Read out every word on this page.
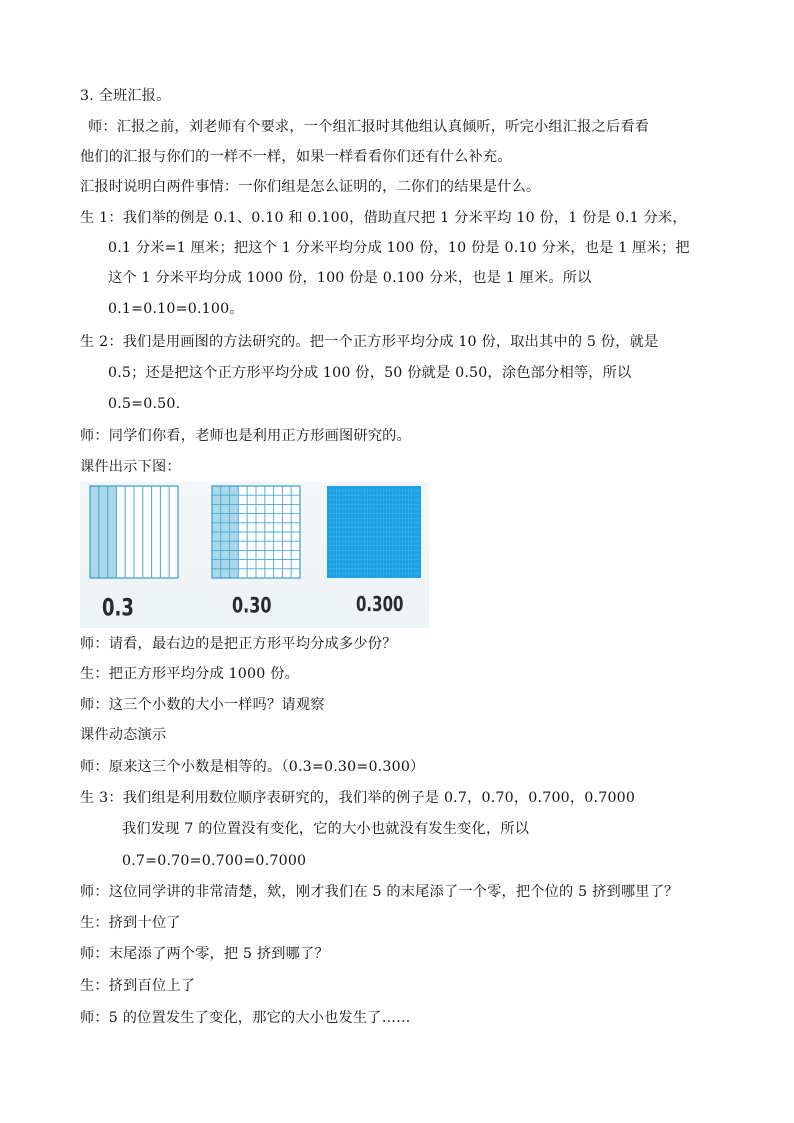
3. 全班汇报。
师：汇报之前，刘老师有个要求，一个组汇报时其他组认真倾听，听完小组汇报之后看看
他们的汇报与你们的一样不一样，如果一样看看你们还有什么补充。
汇报时说明白两件事情：一你们组是怎么证明的，二你们的结果是什么。
生 1：我们举的例是 0.1、0.10 和 0.100，借助直尺把 1 分米平均 10 份，1 份是 0.1 分米，
0.1 分米=1 厘米；把这个 1 分米平均分成 100 份，10 份是 0.10 分米，也是 1 厘米；把
这个 1 分米平均分成 1000 份，100 份是 0.100 分米，也是 1 厘米。所以
0.1=0.10=0.100。
生 2：我们是用画图的方法研究的。把一个正方形平均分成 10 份，取出其中的 5 份，就是
0.5；还是把这个正方形平均分成 100 份，50 份就是 0.50，涂色部分相等，所以
0.5=0.50.
师：同学们你看，老师也是利用正方形画图研究的。
课件出示下图：
0.3	0.30	0.300
师：请看，最右边的是把正方形平均分成多少份？
生：把正方形平均分成 1000 份。
师：这三个小数的大小一样吗？请观察
课件动态演示
师：原来这三个小数是相等的。（0.3=0.30=0.300）
生 3：我们组是利用数位顺序表研究的，我们举的例子是 0.7，0.70，0.700，0.7000
我们发现 7 的位置没有变化，它的大小也就没有发生变化，所以
0.7=0.70=0.700=0.7000
师：这位同学讲的非常清楚，欸，刚才我们在 5 的末尾添了一个零，把个位的 5 挤到哪里了？
生：挤到十位了
师：末尾添了两个零，把 5 挤到哪了？
生：挤到百位上了
师：5 的位置发生了变化，那它的大小也发生了……
